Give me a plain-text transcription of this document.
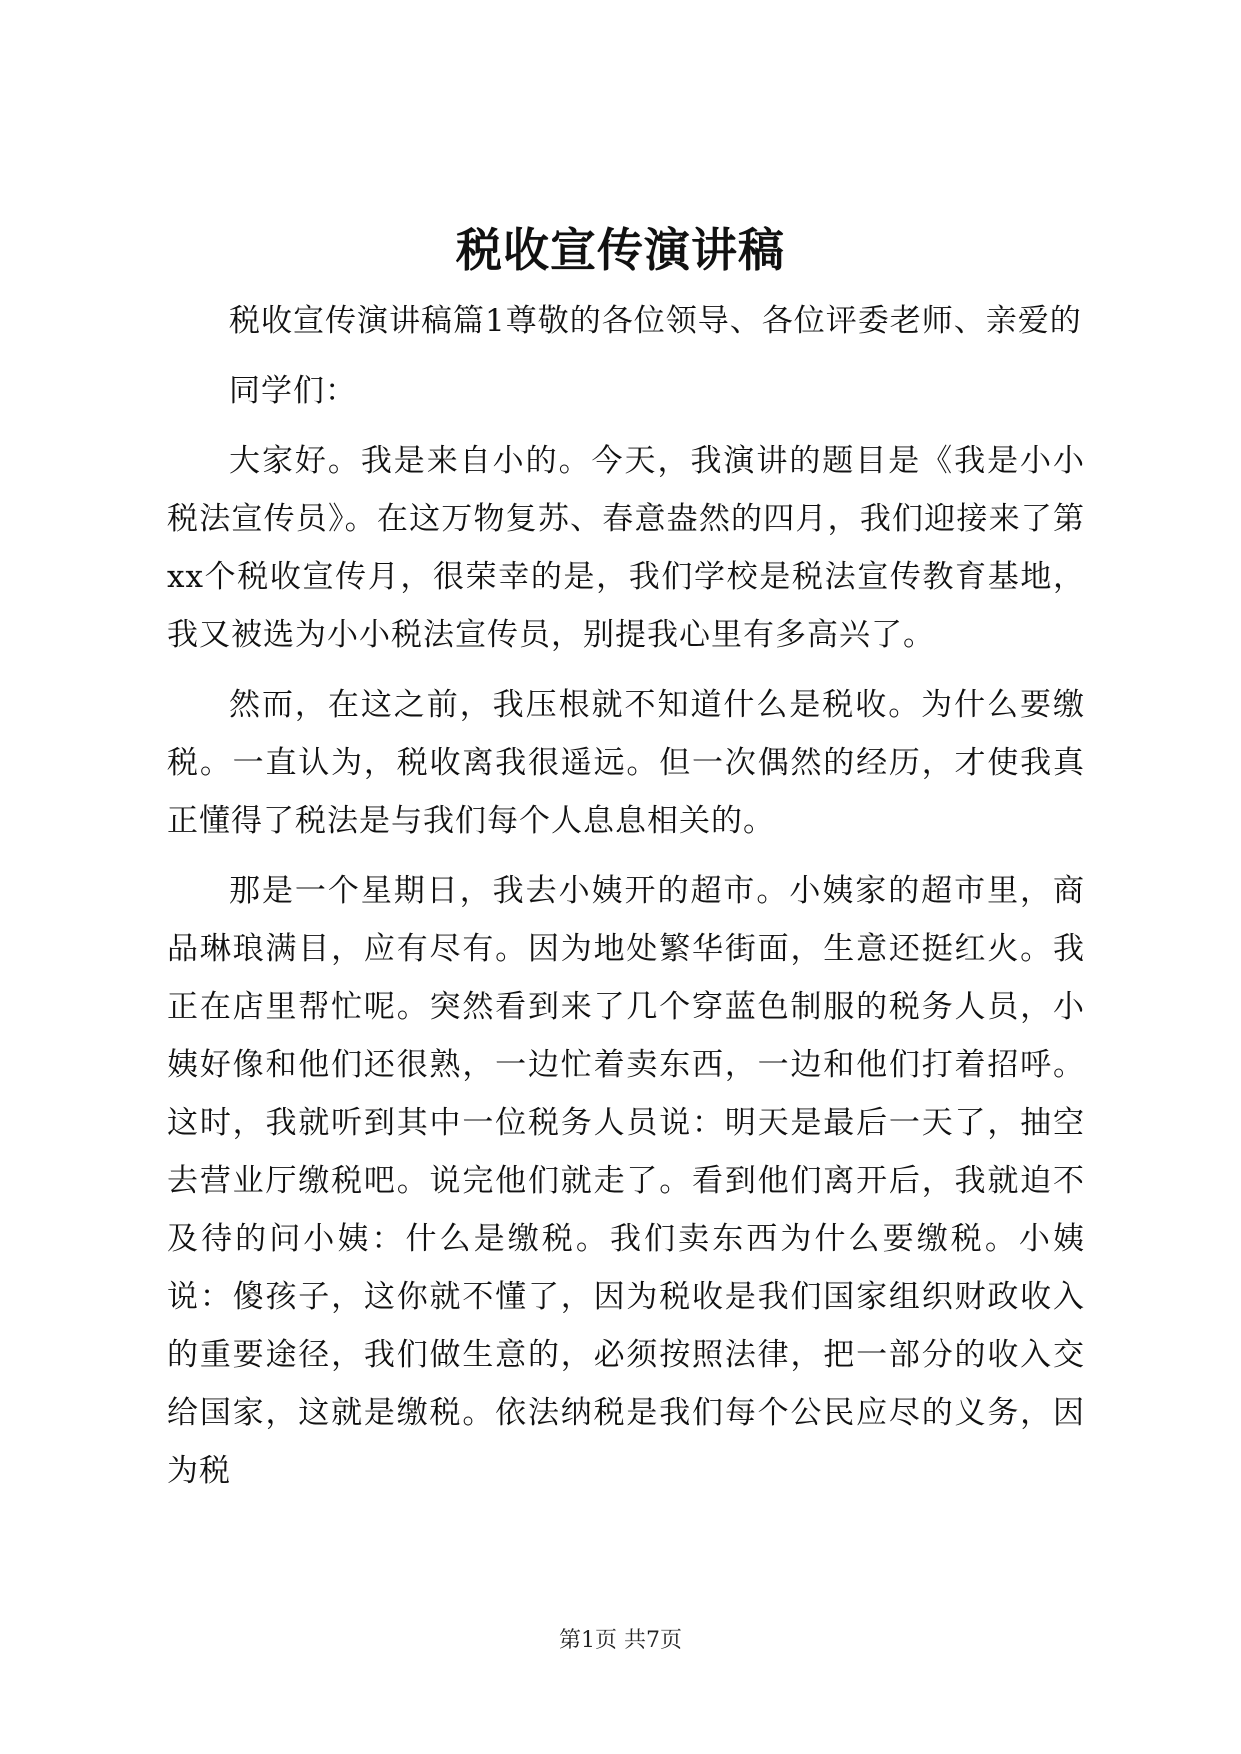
税收宣传演讲稿

税收宣传演讲稿篇1尊敬的各位领导、各位评委老师、亲爱的

同学们：

大家好。我是来自小的。今天，我演讲的题目是《我是小小税法宣传员》。在这万物复苏、春意盎然的四月，我们迎接来了第xx个税收宣传月，很荣幸的是，我们学校是税法宣传教育基地，我又被选为小小税法宣传员，别提我心里有多高兴了。

然而，在这之前，我压根就不知道什么是税收。为什么要缴税。一直认为，税收离我很遥远。但一次偶然的经历，才使我真正懂得了税法是与我们每个人息息相关的。

那是一个星期日，我去小姨开的超市。小姨家的超市里，商品琳琅满目，应有尽有。因为地处繁华街面，生意还挺红火。我正在店里帮忙呢。突然看到来了几个穿蓝色制服的税务人员，小姨好像和他们还很熟，一边忙着卖东西，一边和他们打着招呼。这时，我就听到其中一位税务人员说：明天是最后一天了，抽空去营业厅缴税吧。说完他们就走了。看到他们离开后，我就迫不及待的问小姨：什么是缴税。我们卖东西为什么要缴税。小姨说：傻孩子，这你就不懂了，因为税收是我们国家组织财政收入的重要途径，我们做生意的，必须按照法律，把一部分的收入交给国家，这就是缴税。依法纳税是我们每个公民应尽的义务，因为税

第1页 共7页
